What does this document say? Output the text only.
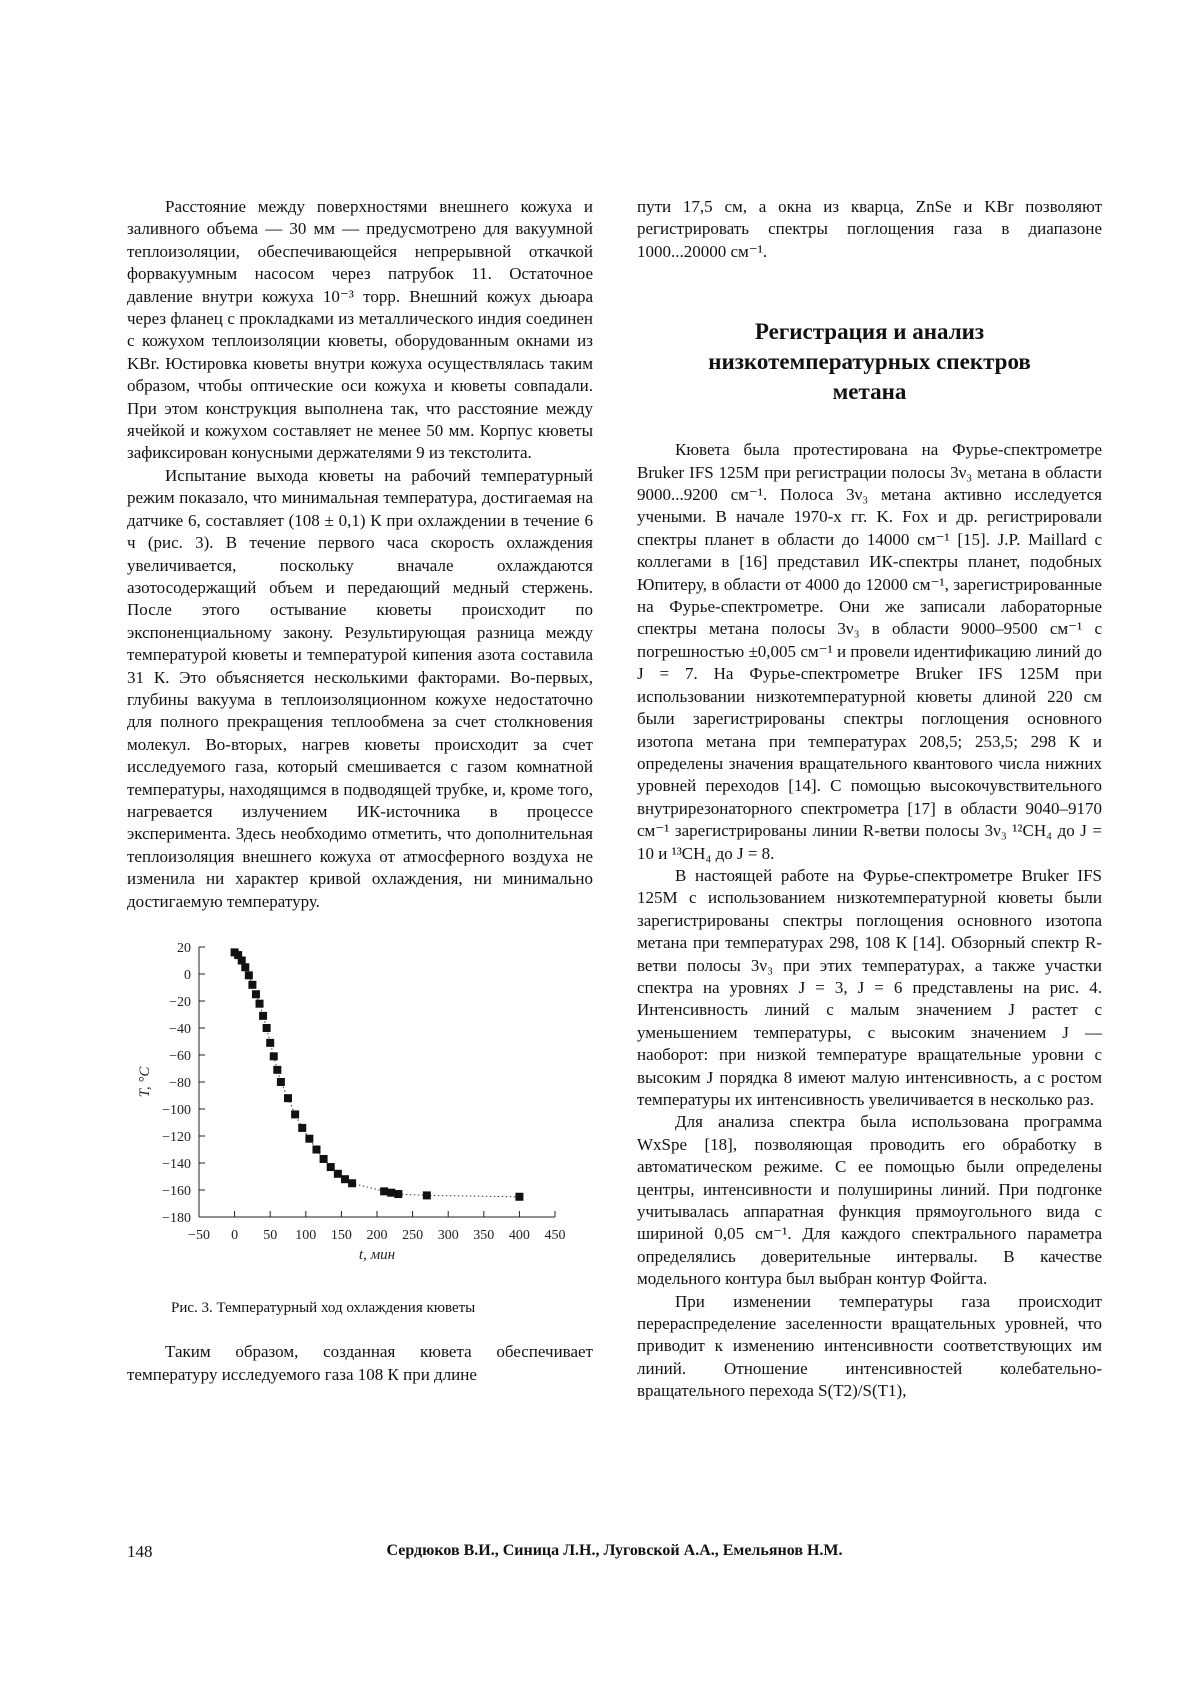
Расстояние между поверхностями внешнего кожуха и заливного объема — 30 мм — предусмотрено для вакуумной теплоизоляции, обеспечивающейся непрерывной откачкой форвакуумным насосом через патрубок 11. Остаточное давление внутри кожуха 10⁻³ торр. Внешний кожух дьюара через фланец с прокладками из металлического индия соединен с кожухом теплоизоляции кюветы, оборудованным окнами из KBr. Юстировка кюветы внутри кожуха осуществлялась таким образом, чтобы оптические оси кожуха и кюветы совпадали. При этом конструкция выполнена так, что расстояние между ячейкой и кожухом составляет не менее 50 мм. Корпус кюветы зафиксирован конусными держателями 9 из текстолита.

Испытание выхода кюветы на рабочий температурный режим показало, что минимальная температура, достигаемая на датчике 6, составляет (108 ± 0,1) К при охлаждении в течение 6 ч (рис. 3). В течение первого часа скорость охлаждения увеличивается, поскольку вначале охлаждаются азотосодержащий объем и передающий медный стержень. После этого остывание кюветы происходит по экспоненциальному закону. Результирующая разница между температурой кюветы и температурой кипения азота составила 31 К. Это объясняется несколькими факторами. Во-первых, глубины вакуума в теплоизоляционном кожухе недостаточно для полного прекращения теплообмена за счет столкновения молекул. Во-вторых, нагрев кюветы происходит за счет исследуемого газа, который смешивается с газом комнатной температуры, находящимся в подводящей трубке, и, кроме того, нагревается излучением ИК-источника в процессе эксперимента. Здесь необходимо отметить, что дополнительная теплоизоляция внешнего кожуха от атмосферного воздуха не изменила ни характер кривой охлаждения, ни минимально достигаемую температуру.

20
0
−20
−40
−60
−80
−100
−120
−140
−160
−180
−50 0 50 100 150 200 250 300 350 400 450
t, мин
T, °C

Рис. 3. Температурный ход охлаждения кюветы

Таким образом, созданная кювета обеспечивает температуру исследуемого газа 108 К при длине

пути 17,5 см, а окна из кварца, ZnSe и KBr позволяют регистрировать спектры поглощения газа в диапазоне 1000...20000 см⁻¹.

Регистрация и анализ
низкотемпературных спектров
метана

Кювета была протестирована на Фурье-спектрометре Bruker IFS 125M при регистрации полосы 3ν₃ метана в области 9000...9200 см⁻¹. Полоса 3ν₃ метана активно исследуется учеными. В начале 1970-х гг. K. Fox и др. регистрировали спектры планет в области до 14000 см⁻¹ [15]. J.P. Maillard с коллегами в [16] представил ИК-спектры планет, подобных Юпитеру, в области от 4000 до 12000 см⁻¹, зарегистрированные на Фурье-спектрометре. Они же записали лабораторные спектры метана полосы 3ν₃ в области 9000–9500 см⁻¹ с погрешностью ±0,005 см⁻¹ и провели идентификацию линий до J = 7. На Фурье-спектрометре Bruker IFS 125M при использовании низкотемпературной кюветы длиной 220 см были зарегистрированы спектры поглощения основного изотопа метана при температурах 208,5; 253,5; 298 К и определены значения вращательного квантового числа нижних уровней переходов [14]. С помощью высокочувствительного внутрирезонаторного спектрометра [17] в области 9040–9170 см⁻¹ зарегистрированы линии R-ветви полосы 3ν₃ ¹²CH₄ до J = 10 и ¹³CH₄ до J = 8.

В настоящей работе на Фурье-спектрометре Bruker IFS 125M с использованием низкотемпературной кюветы были зарегистрированы спектры поглощения основного изотопа метана при температурах 298, 108 К [14]. Обзорный спектр R-ветви полосы 3ν₃ при этих температурах, а также участки спектра на уровнях J = 3, J = 6 представлены на рис. 4. Интенсивность линий с малым значением J растет с уменьшением температуры, с высоким значением J — наоборот: при низкой температуре вращательные уровни с высоким J порядка 8 имеют малую интенсивность, а с ростом температуры их интенсивность увеличивается в несколько раз.

Для анализа спектра была использована программа WxSpe [18], позволяющая проводить его обработку в автоматическом режиме. С ее помощью были определены центры, интенсивности и полуширины линий. При подгонке учитывалась аппаратная функция прямоугольного вида с шириной 0,05 см⁻¹. Для каждого спектрального параметра определялись доверительные интервалы. В качестве модельного контура был выбран контур Фойгта.

При изменении температуры газа происходит перераспределение заселенности вращательных уровней, что приводит к изменению интенсивности соответствующих им линий. Отношение интенсивностей колебательно-вращательного перехода S(T2)/S(T1),

148	Сердюков В.И., Синица Л.Н., Луговской А.А., Емельянов Н.М.
